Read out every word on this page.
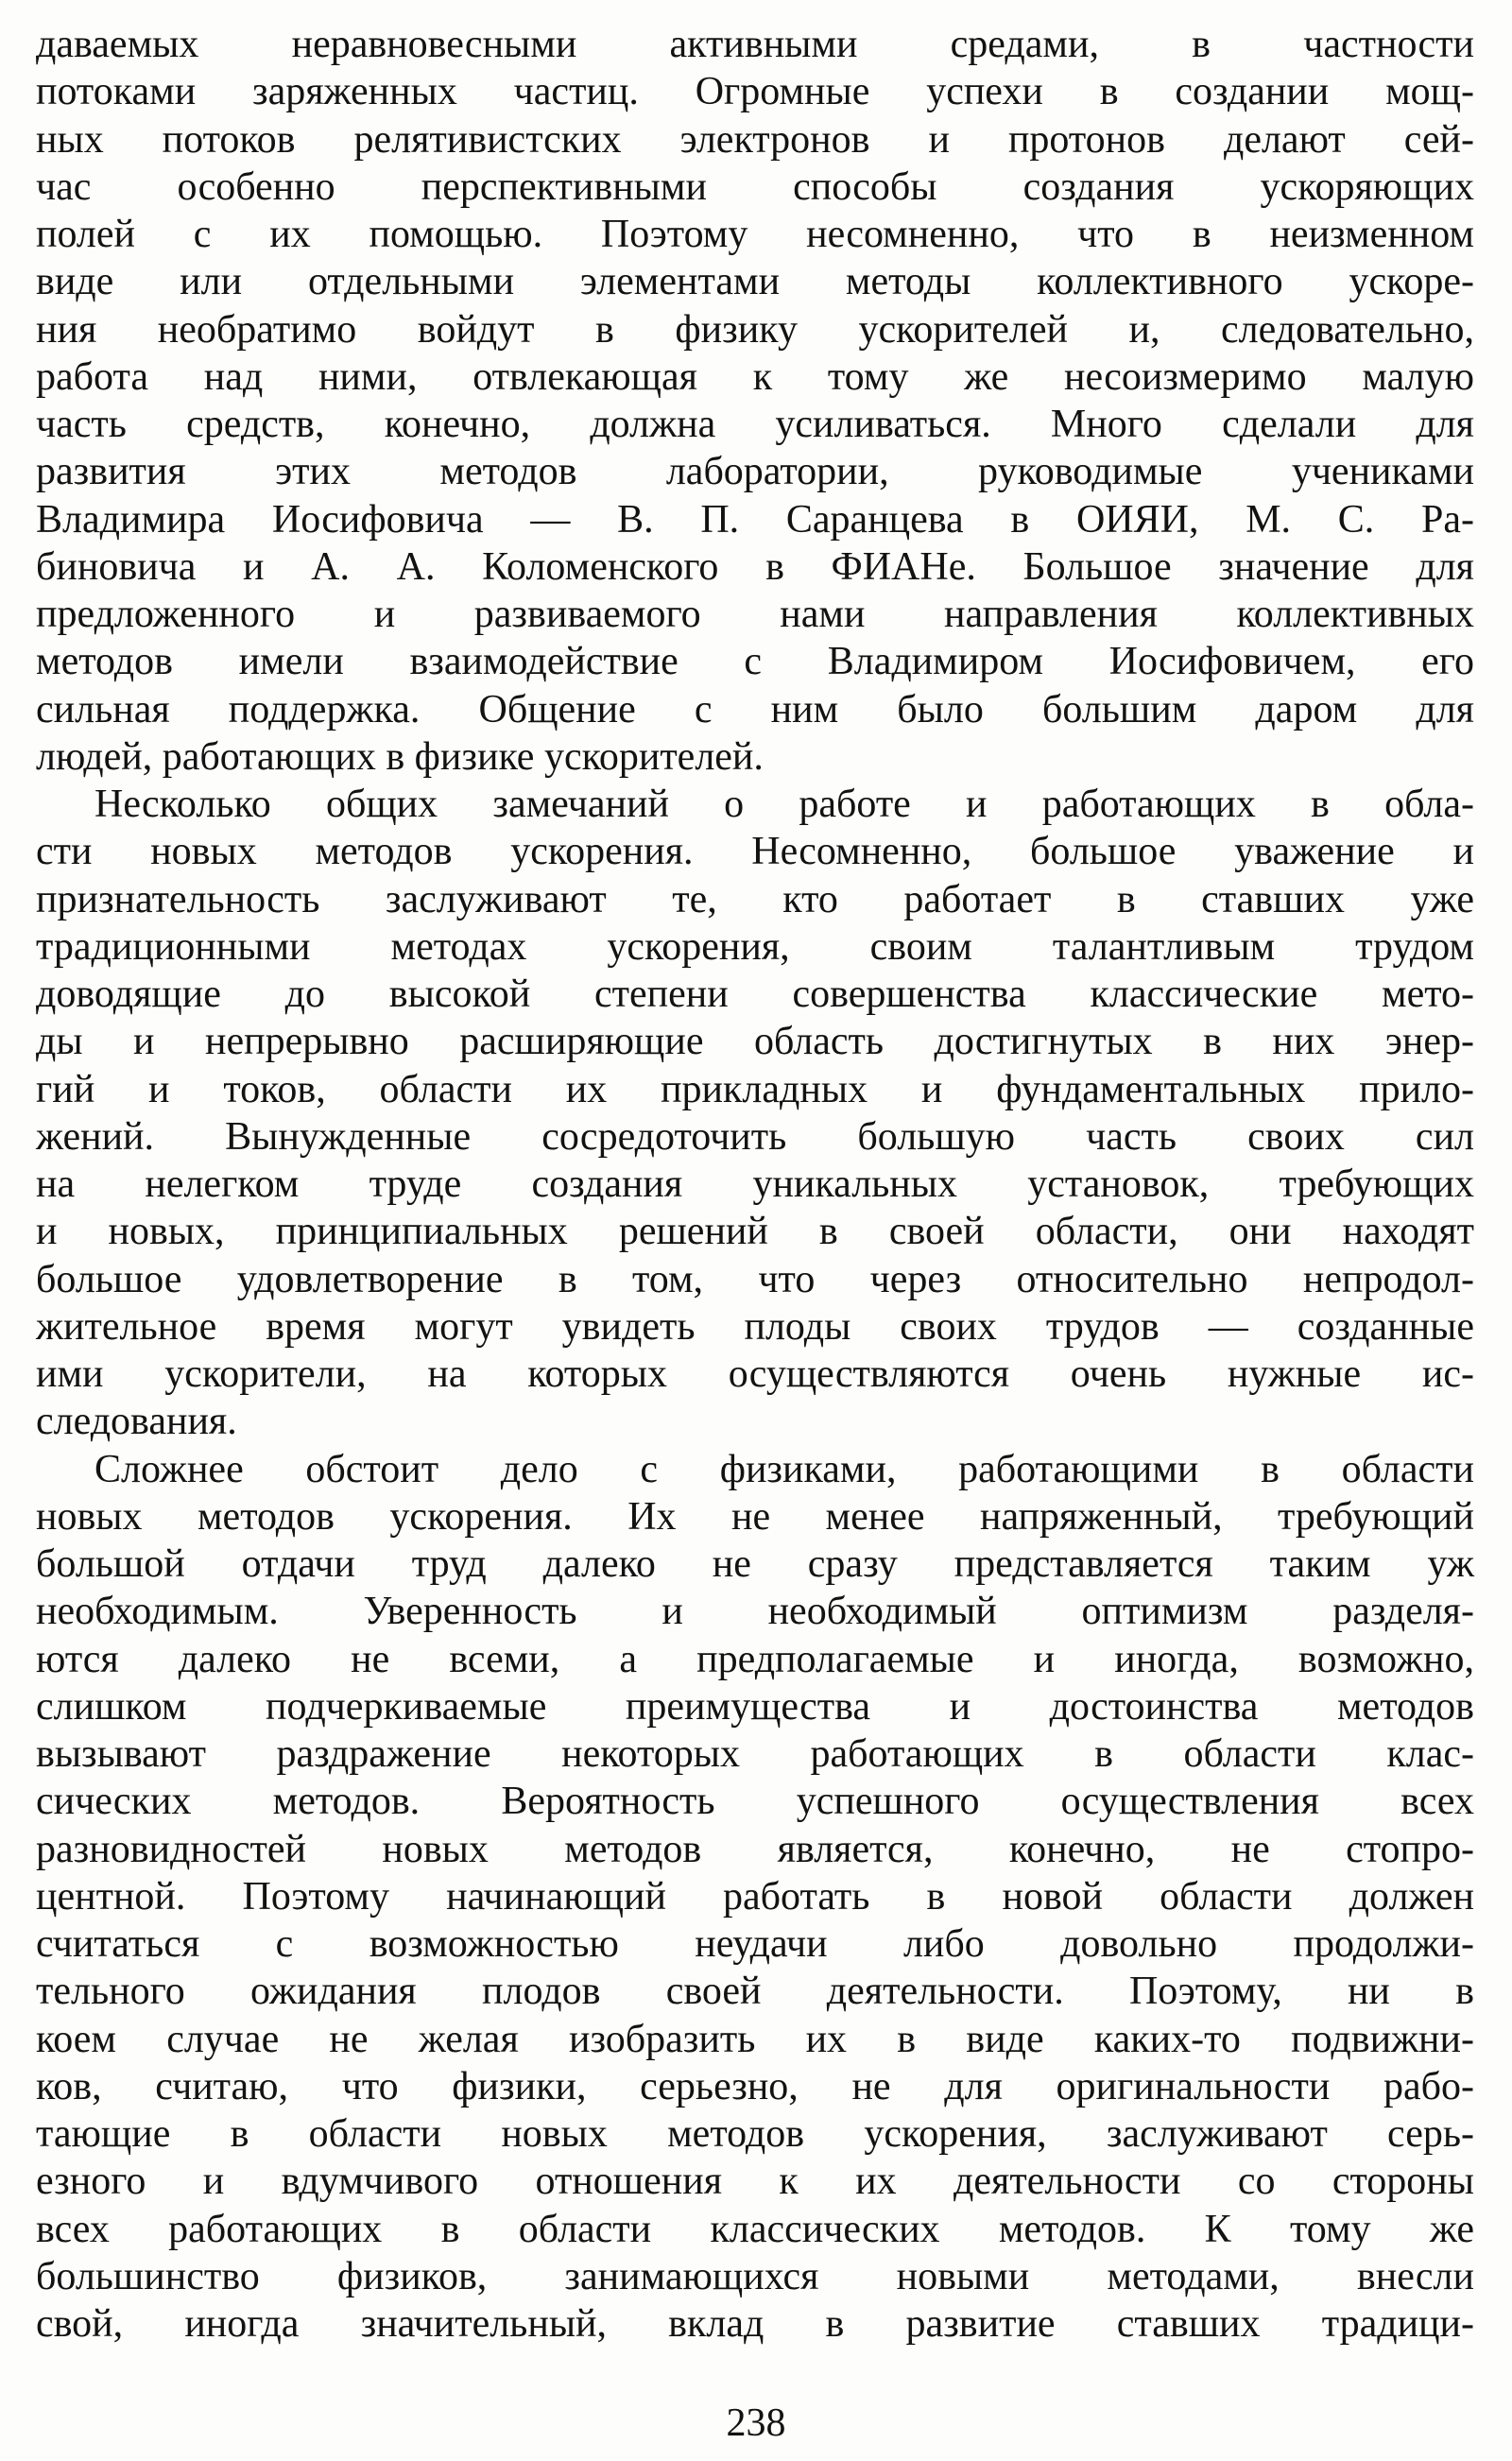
даваемых неравновесными активными средами, в частности
потоками заряженных частиц. Огромные успехи в создании мощ-
ных потоков релятивистских электронов и протонов делают сей-
час особенно перспективными способы создания ускоряющих
полей с их помощью. Поэтому несомненно, что в неизменном
виде или отдельными элементами методы коллективного ускоре-
ния необратимо войдут в физику ускорителей и, следовательно,
работа над ними, отвлекающая к тому же несоизмеримо малую
часть средств, конечно, должна усиливаться. Много сделали для
развития этих методов лаборатории, руководимые учениками
Владимира Иосифовича — В. П. Саранцева в ОИЯИ, М. С. Ра-
биновича и А. А. Коломенского в ФИАНе. Большое значение для
предложенного и развиваемого нами направления коллективных
методов имели взаимодействие с Владимиром Иосифовичем, его
сильная поддержка. Общение с ним было большим даром для
людей, работающих в физике ускорителей.
Несколько общих замечаний о работе и работающих в обла-
сти новых методов ускорения. Несомненно, большое уважение и
признательность заслуживают те, кто работает в ставших уже
традиционными методах ускорения, своим талантливым трудом
доводящие до высокой степени совершенства классические мето-
ды и непрерывно расширяющие область достигнутых в них энер-
гий и токов, области их прикладных и фундаментальных прило-
жений. Вынужденные сосредоточить большую часть своих сил
на нелегком труде создания уникальных установок, требующих
и новых, принципиальных решений в своей области, они находят
большое удовлетворение в том, что через относительно непродол-
жительное время могут увидеть плоды своих трудов — созданные
ими ускорители, на которых осуществляются очень нужные ис-
следования.
Сложнее обстоит дело с физиками, работающими в области
новых методов ускорения. Их не менее напряженный, требующий
большой отдачи труд далеко не сразу представляется таким уж
необходимым. Уверенность и необходимый оптимизм разделя-
ются далеко не всеми, а предполагаемые и иногда, возможно,
слишком подчеркиваемые преимущества и достоинства методов
вызывают раздражение некоторых работающих в области клас-
сических методов. Вероятность успешного осуществления всех
разновидностей новых методов является, конечно, не стопро-
центной. Поэтому начинающий работать в новой области должен
считаться с возможностью неудачи либо довольно продолжи-
тельного ожидания плодов своей деятельности. Поэтому, ни в
коем случае не желая изобразить их в виде каких-то подвижни-
ков, считаю, что физики, серьезно, не для оригинальности рабо-
тающие в области новых методов ускорения, заслуживают серь-
езного и вдумчивого отношения к их деятельности со стороны
всех работающих в области классических методов. К тому же
большинство физиков, занимающихся новыми методами, внесли
свой, иногда значительный, вклад в развитие ставших традици-
238
